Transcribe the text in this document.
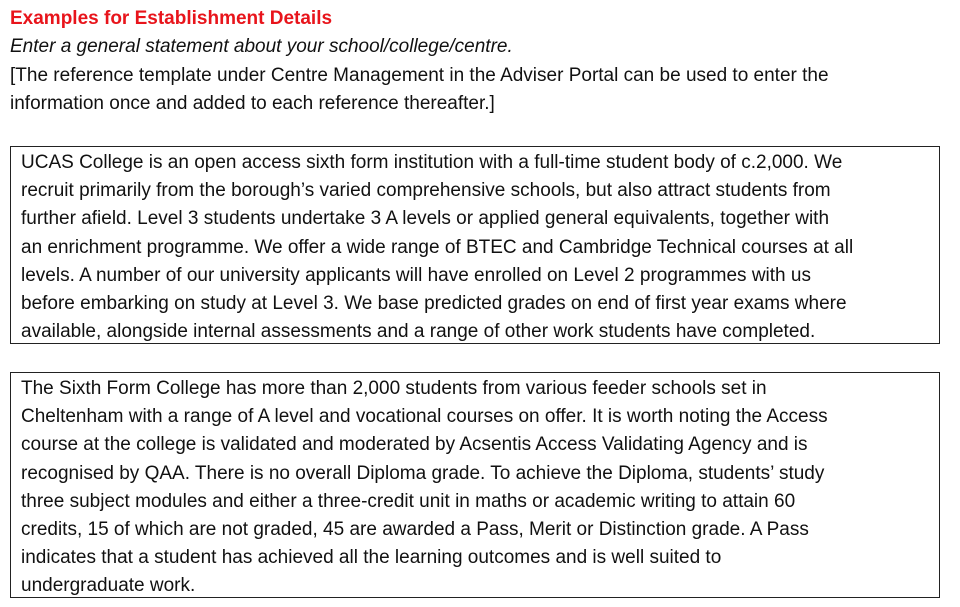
Examples for Establishment Details
Enter a general statement about your school/college/centre.
[The reference template under Centre Management in the Adviser Portal can be used to enter the
information once and added to each reference thereafter.]
UCAS College is an open access sixth form institution with a full-time student body of c.2,000. We
recruit primarily from the borough’s varied comprehensive schools, but also attract students from
further afield. Level 3 students undertake 3 A levels or applied general equivalents, together with
an enrichment programme. We offer a wide range of BTEC and Cambridge Technical courses at all
levels. A number of our university applicants will have enrolled on Level 2 programmes with us
before embarking on study at Level 3. We base predicted grades on end of first year exams where
available, alongside internal assessments and a range of other work students have completed.
The Sixth Form College has more than 2,000 students from various feeder schools set in
Cheltenham with a range of A level and vocational courses on offer. It is worth noting the Access
course at the college is validated and moderated by Acsentis Access Validating Agency and is
recognised by QAA. There is no overall Diploma grade. To achieve the Diploma, students’ study
three subject modules and either a three-credit unit in maths or academic writing to attain 60
credits, 15 of which are not graded, 45 are awarded a Pass, Merit or Distinction grade. A Pass
indicates that a student has achieved all the learning outcomes and is well suited to
undergraduate work.
